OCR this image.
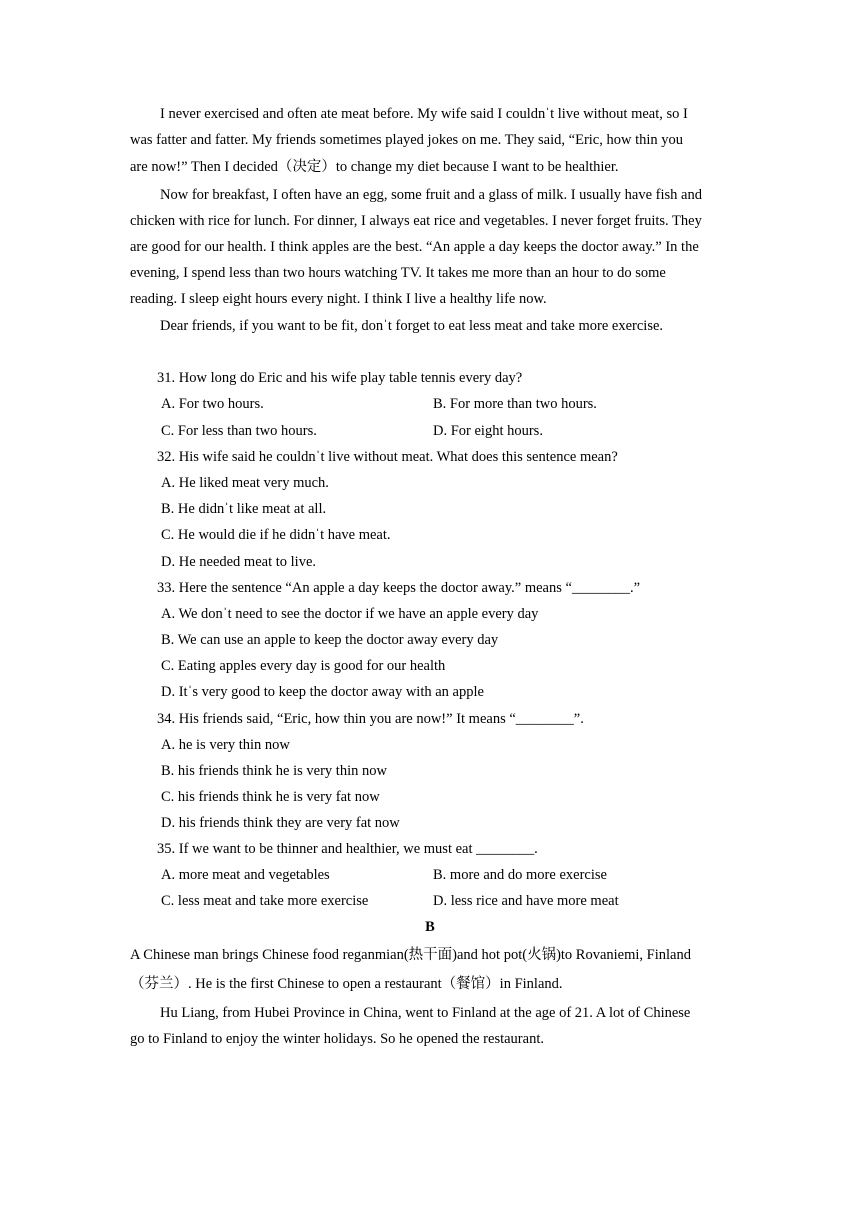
I never exercised and often ate meat before. My wife said I couldnˈt live without meat, so I
was fatter and fatter. My friends sometimes played jokes on me. They said, “Eric, how thin you
are now!” Then I decided（决定）to change my diet because I want to be healthier.
Now for breakfast, I often have an egg, some fruit and a glass of milk. I usually have fish and
chicken with rice for lunch. For dinner, I always eat rice and vegetables. I never forget fruits. They
are good for our health. I think apples are the best. “An apple a day keeps the doctor away.” In the
evening, I spend less than two hours watching TV. It takes me more than an hour to do some
reading. I sleep eight hours every night. I think I live a healthy life now.
Dear friends, if you want to be fit, donˈt forget to eat less meat and take more exercise.
31. How long do Eric and his wife play table tennis every day?
A. For two hours.	B. For more than two hours.
C. For less than two hours.	D. For eight hours.
32. His wife said he couldnˈt live without meat. What does this sentence mean?
A. He liked meat very much.
B. He didnˈt like meat at all.
C. He would die if he didnˈt have meat.
D. He needed meat to live.
33. Here the sentence “An apple a day keeps the doctor away.” means “________.”
A. We donˈt need to see the doctor if we have an apple every day
B. We can use an apple to keep the doctor away every day
C. Eating apples every day is good for our health
D. Itˈs very good to keep the doctor away with an apple
34. His friends said, “Eric, how thin you are now!” It means “________”.
A. he is very thin now
B. his friends think he is very thin now
C. his friends think he is very fat now
D. his friends think they are very fat now
35. If we want to be thinner and healthier, we must eat ________.
A. more meat and vegetables	B. more and do more exercise
C. less meat and take more exercise	D. less rice and have more meat
B
A Chinese man brings Chinese food reganmian(热干面)and hot pot(火锅)to Rovaniemi, Finland
（芬兰）. He is the first Chinese to open a restaurant（餐馆）in Finland.
Hu Liang, from Hubei Province in China, went to Finland at the age of 21. A lot of Chinese
go to Finland to enjoy the winter holidays. So he opened the restaurant.
